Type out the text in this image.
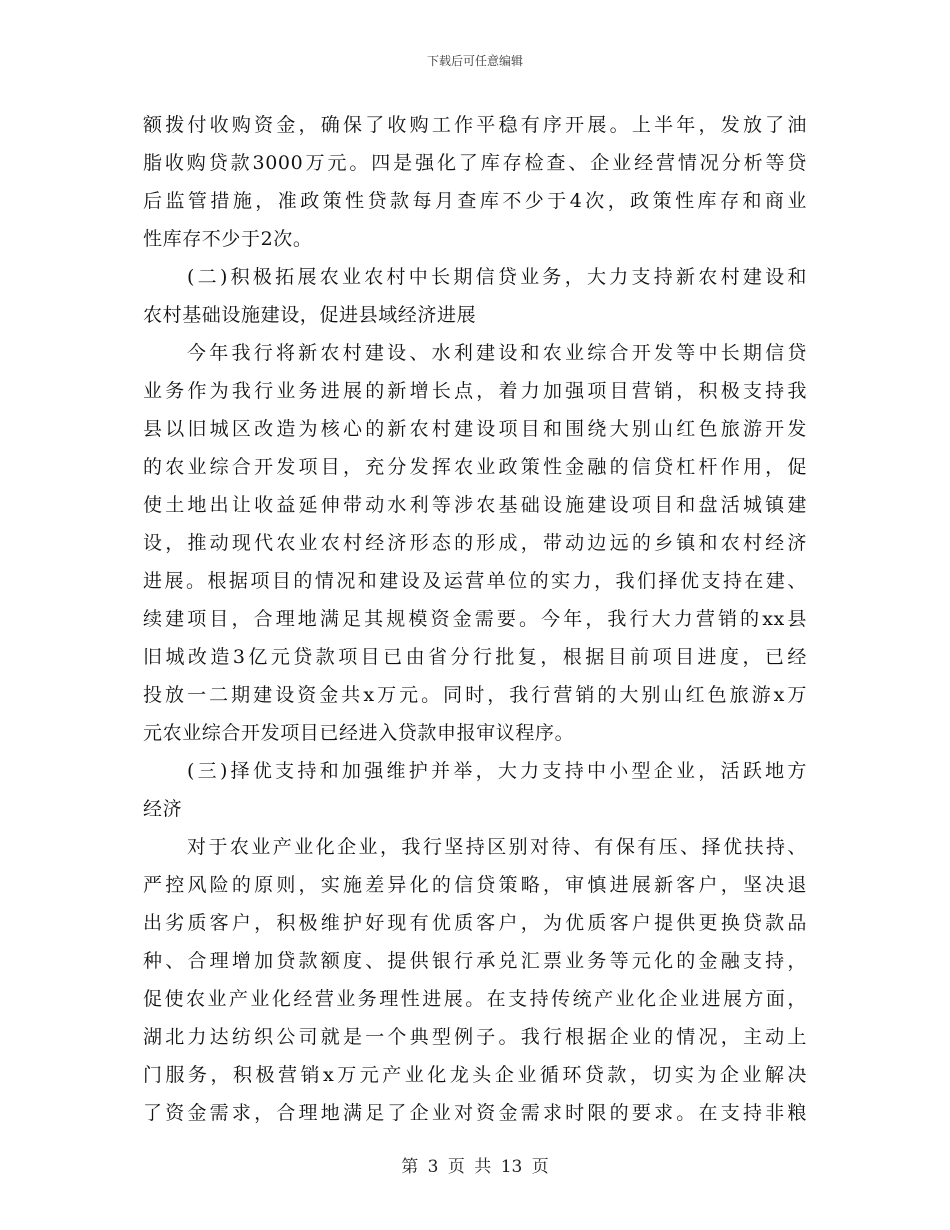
下载后可任意编辑
额拨付收购资金，确保了收购工作平稳有序开展。上半年，发放了油
脂收购贷款3000万元。四是强化了库存检查、企业经营情况分析等贷
后监管措施，准政策性贷款每月查库不少于4次，政策性库存和商业
性库存不少于2次。
(二)积极拓展农业农村中长期信贷业务，大力支持新农村建设和
农村基础设施建设，促进县域经济进展
今年我行将新农村建设、水利建设和农业综合开发等中长期信贷
业务作为我行业务进展的新增长点，着力加强项目营销，积极支持我
县以旧城区改造为核心的新农村建设项目和围绕大别山红色旅游开发
的农业综合开发项目，充分发挥农业政策性金融的信贷杠杆作用，促
使土地出让收益延伸带动水利等涉农基础设施建设项目和盘活城镇建
设，推动现代农业农村经济形态的形成，带动边远的乡镇和农村经济
进展。根据项目的情况和建设及运营单位的实力，我们择优支持在建、
续建项目，合理地满足其规模资金需要。今年，我行大力营销的xx县
旧城改造3亿元贷款项目已由省分行批复，根据目前项目进度，已经
投放一二期建设资金共x万元。同时，我行营销的大别山红色旅游x万
元农业综合开发项目已经进入贷款申报审议程序。
(三)择优支持和加强维护并举，大力支持中小型企业，活跃地方
经济
对于农业产业化企业，我行坚持区别对待、有保有压、择优扶持、
严控风险的原则，实施差异化的信贷策略，审慎进展新客户，坚决退
出劣质客户，积极维护好现有优质客户，为优质客户提供更换贷款品
种、合理增加贷款额度、提供银行承兑汇票业务等元化的金融支持，
促使农业产业化经营业务理性进展。在支持传统产业化企业进展方面，
湖北力达纺织公司就是一个典型例子。我行根据企业的情况，主动上
门服务，积极营销x万元产业化龙头企业循环贷款，切实为企业解决
了资金需求，合理地满足了企业对资金需求时限的要求。在支持非粮
第 3 页 共 13 页
